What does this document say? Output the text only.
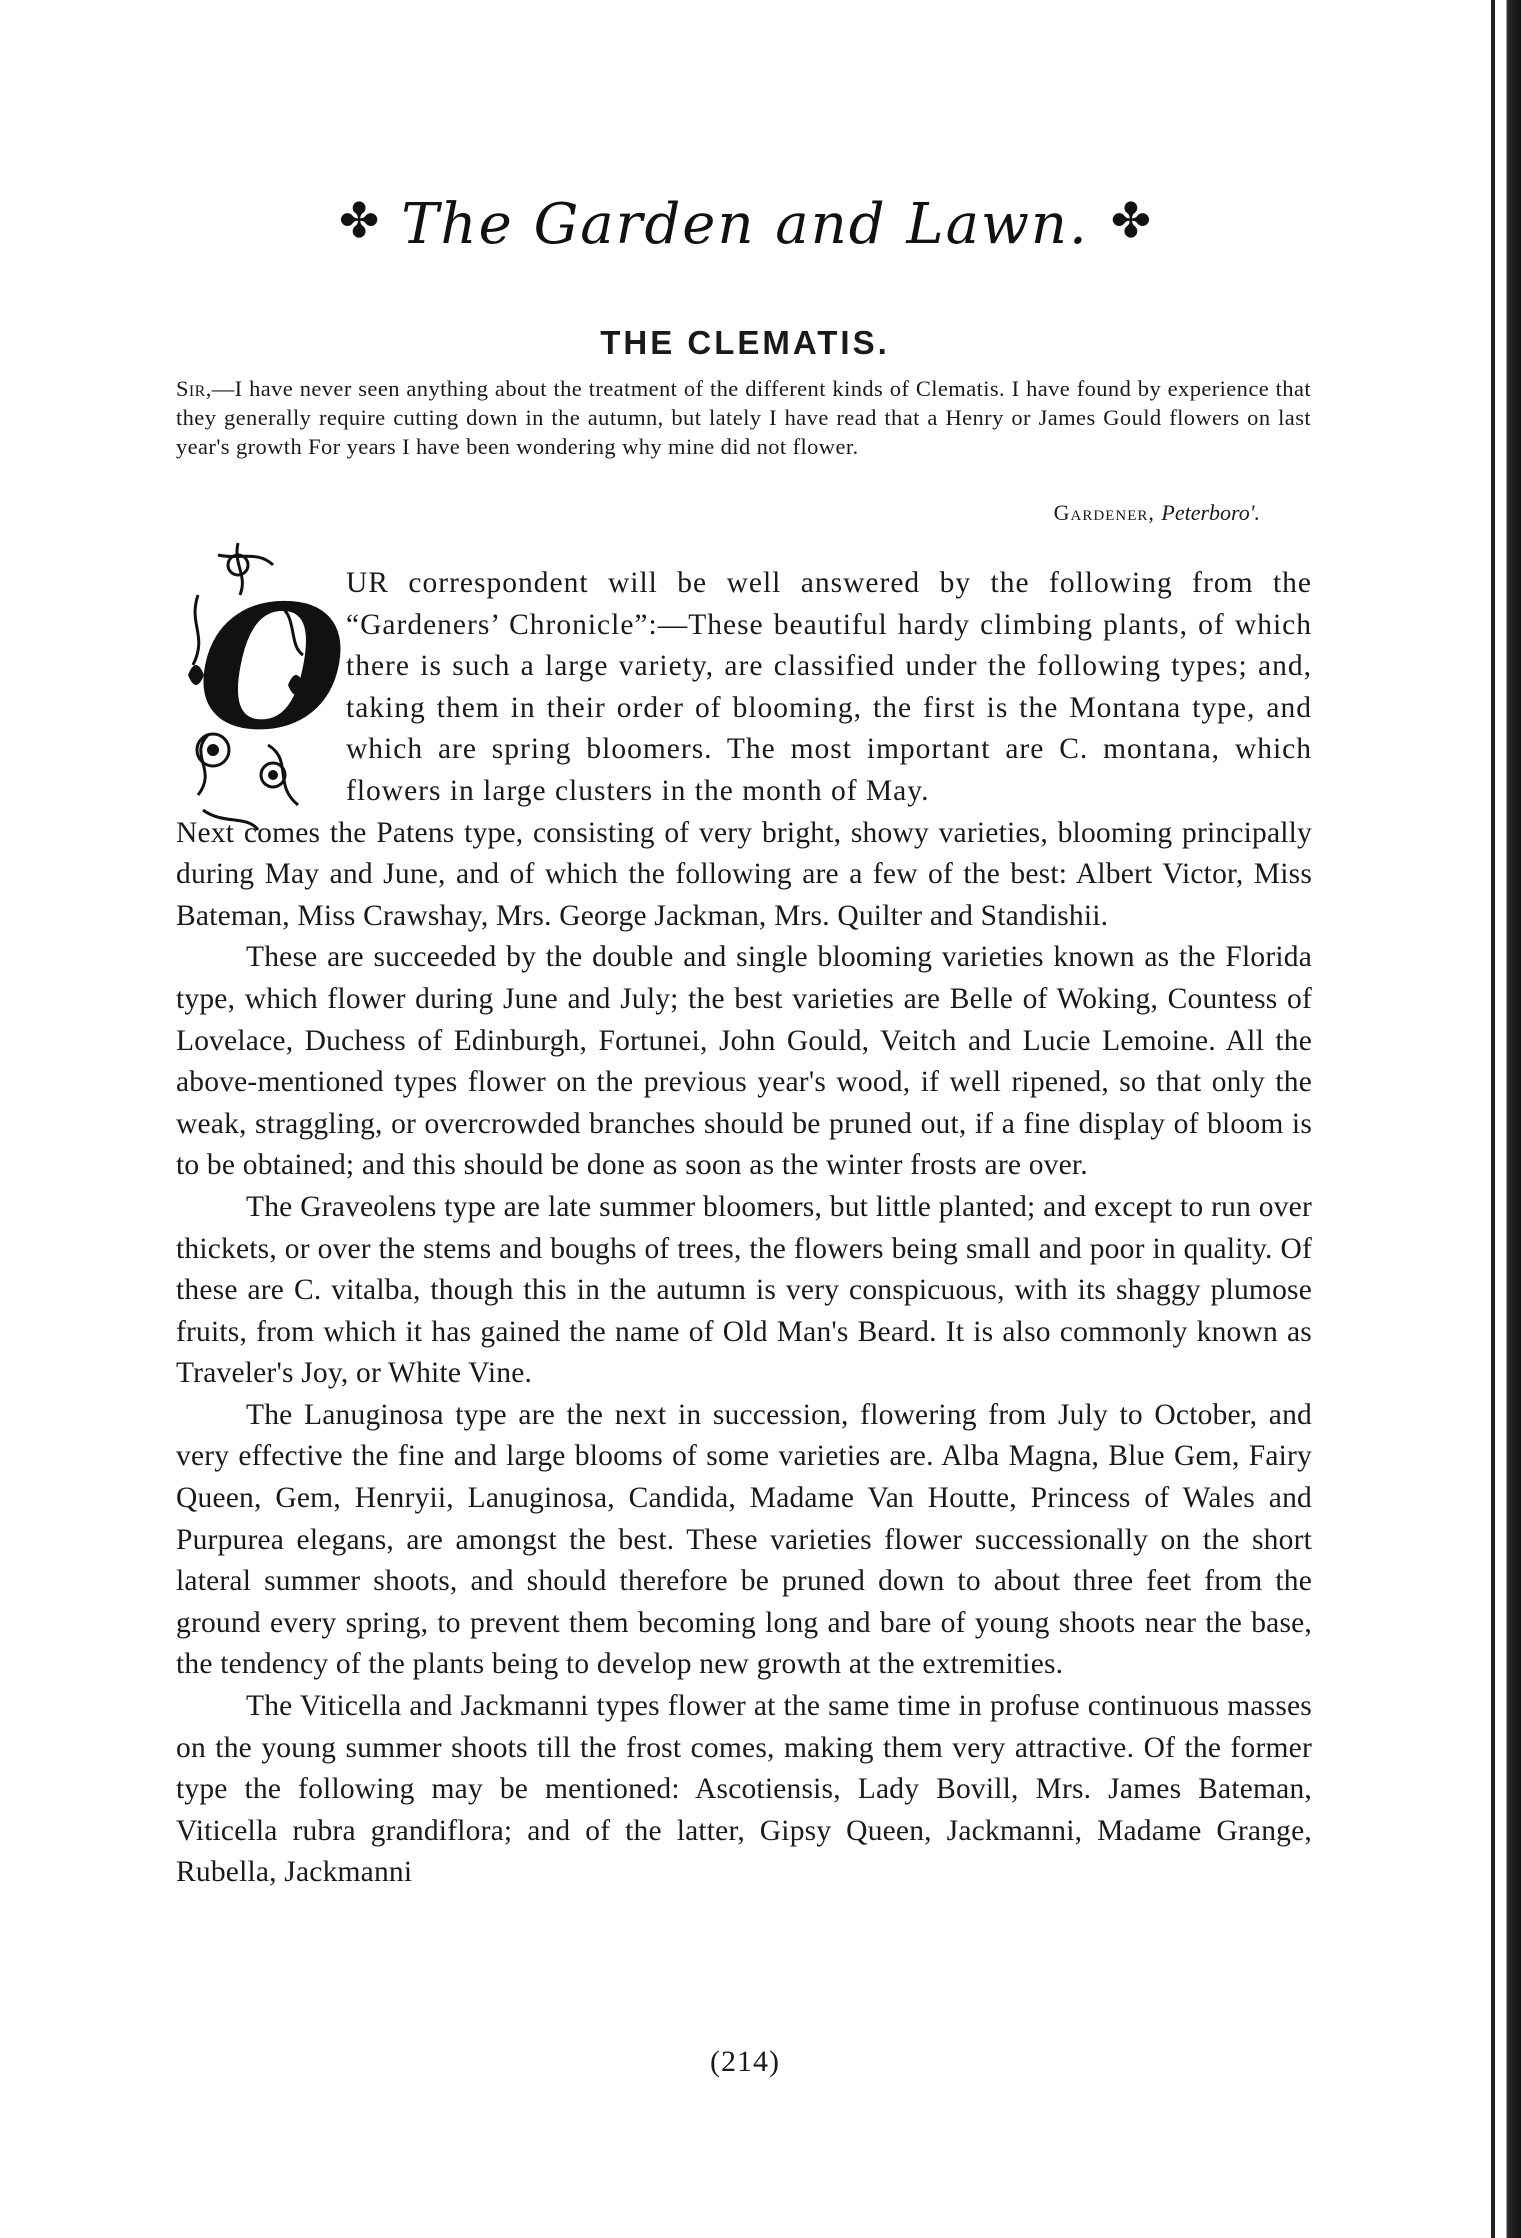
✤ The Garden and Lawn. ✤
THE CLEMATIS.
Sir,—I have never seen anything about the treatment of the different kinds of Clematis. I have found by experience that they generally require cutting down in the autumn, but lately I have read that a Henry or James Gould flowers on last year's growth For years I have been wondering why mine did not flower.
Gardener, Peterboro'.
O UR correspondent will be well answered by the following from the “Gardeners’ Chronicle”:—These beautiful hardy climbing plants, of which there is such a large variety, are classified under the following types; and, taking them in their order of blooming, the first is the Montana type, and which are spring bloomers. The most important are C. montana, which flowers in large clusters in the month of May.

Next comes the Patens type, consisting of very bright, showy varieties, blooming principally during May and June, and of which the following are a few of the best: Albert Victor, Miss Bateman, Miss Crawshay, Mrs. George Jackman, Mrs. Quilter and Standishii.

These are succeeded by the double and single blooming varieties known as the Florida type, which flower during June and July; the best varieties are Belle of Woking, Countess of Lovelace, Duchess of Edinburgh, Fortunei, John Gould, Veitch and Lucie Lemoine. All the above-mentioned types flower on the previous year's wood, if well ripened, so that only the weak, straggling, or overcrowded branches should be pruned out, if a fine display of bloom is to be obtained; and this should be done as soon as the winter frosts are over.

The Graveolens type are late summer bloomers, but little planted; and except to run over thickets, or over the stems and boughs of trees, the flowers being small and poor in quality. Of these are C. vitalba, though this in the autumn is very conspicuous, with its shaggy plumose fruits, from which it has gained the name of Old Man's Beard. It is also commonly known as Traveler's Joy, or White Vine.

The Lanuginosa type are the next in succession, flowering from July to October, and very effective the fine and large blooms of some varieties are. Alba Magna, Blue Gem, Fairy Queen, Gem, Henryii, Lanuginosa, Candida, Madame Van Houtte, Princess of Wales and Purpurea elegans, are amongst the best. These varieties flower successionally on the short lateral summer shoots, and should therefore be pruned down to about three feet from the ground every spring, to prevent them becoming long and bare of young shoots near the base, the tendency of the plants being to develop new growth at the extremities.

The Viticella and Jackmanni types flower at the same time in profuse continuous masses on the young summer shoots till the frost comes, making them very attractive. Of the former type the following may be mentioned: Ascotiensis, Lady Bovill, Mrs. James Bateman, Viticella rubra grandiflora; and of the latter, Gipsy Queen, Jackmanni, Madame Grange, Rubella, Jackmanni

(214)
